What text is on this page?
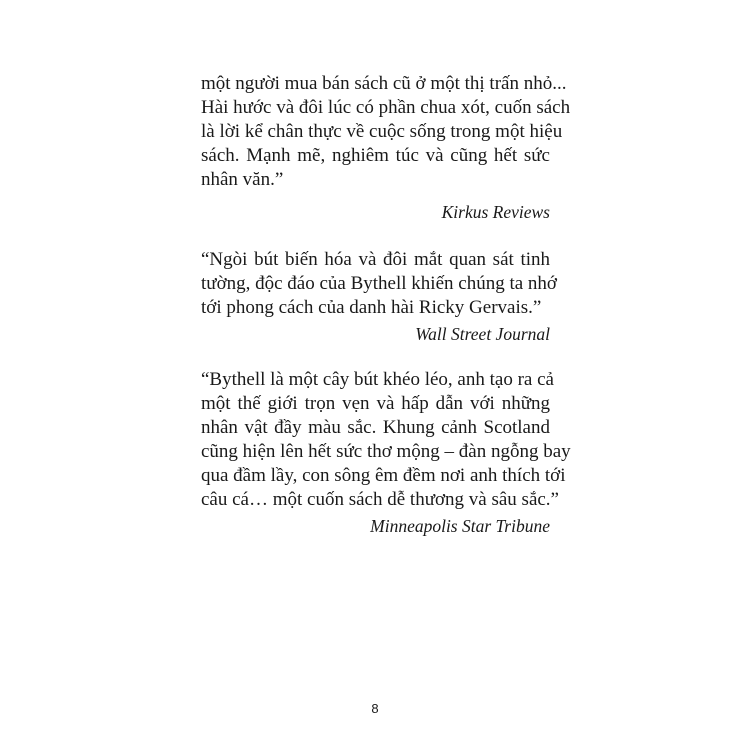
một người mua bán sách cũ ở một thị trấn nhỏ...
Hài hước và đôi lúc có phần chua xót, cuốn sách
là lời kể chân thực về cuộc sống trong một hiệu
sách. Mạnh mẽ, nghiêm túc và cũng hết sức
nhân văn.”
Kirkus Reviews
“Ngòi bút biến hóa và đôi mắt quan sát tinh
tường, độc đáo của Bythell khiến chúng ta nhớ
tới phong cách của danh hài Ricky Gervais.”
Wall Street Journal
“Bythell là một cây bút khéo léo, anh tạo ra cả
một thế giới trọn vẹn và hấp dẫn với những
nhân vật đầy màu sắc. Khung cảnh Scotland
cũng hiện lên hết sức thơ mộng – đàn ngỗng bay
qua đầm lầy, con sông êm đềm nơi anh thích tới
câu cá… một cuốn sách dễ thương và sâu sắc.”
Minneapolis Star Tribune
8
